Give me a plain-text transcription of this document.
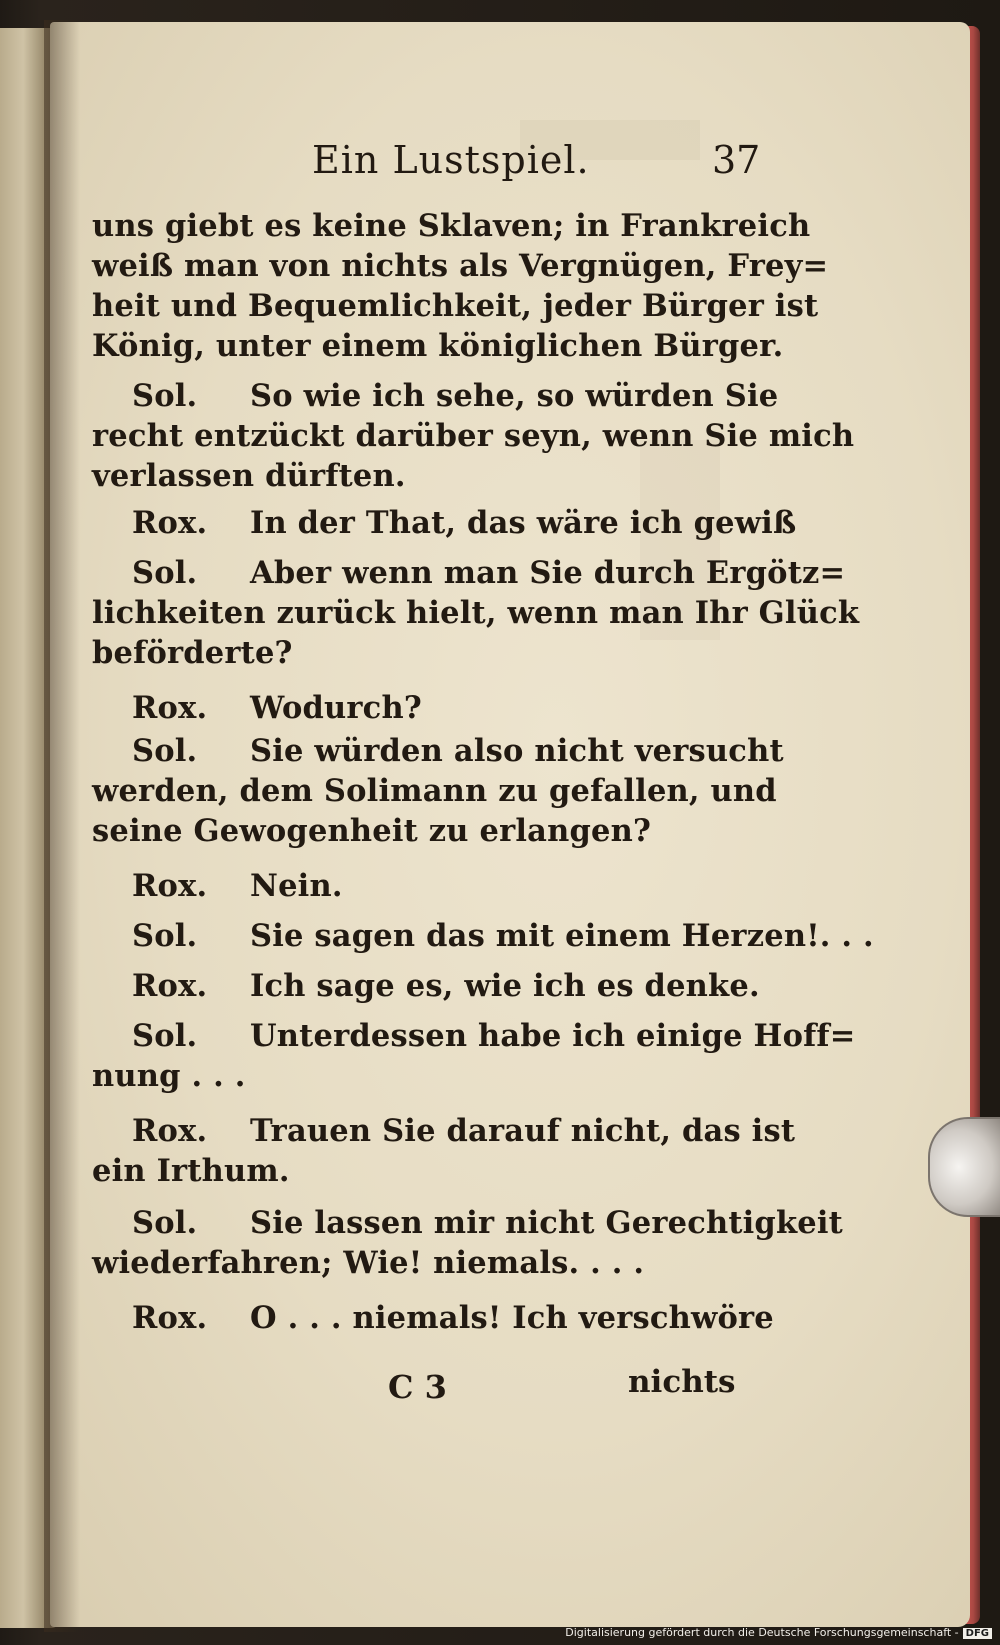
Ein Lustspiel.	37
uns giebt es keine Sklaven; in Frankreich
weiß man von nichts als Vergnügen, Frey=
heit und Bequemlichkeit, jeder Bürger ist
König, unter einem königlichen Bürger.
Sol. So wie ich sehe, so würden Sie
recht entzückt darüber seyn, wenn Sie mich
verlassen dürften.
Rox. In der That, das wäre ich gewiß
Sol. Aber wenn man Sie durch Ergötz=
lichkeiten zurück hielt, wenn man Ihr Glück
beförderte?
Rox. Wodurch?
Sol. Sie würden also nicht versucht
werden, dem Solimann zu gefallen, und
seine Gewogenheit zu erlangen?
Rox. Nein.
Sol. Sie sagen das mit einem Herzen!. . .
Rox. Ich sage es, wie ich es denke.
Sol. Unterdessen habe ich einige Hoff=
nung . . .
Rox. Trauen Sie darauf nicht, das ist
ein Irthum.
Sol. Sie lassen mir nicht Gerechtigkeit
wiederfahren; Wie! niemals. . . .
Rox. O . . . niemals! Ich verschwöre
C 3	nichts
Digitalisierung gefördert durch die Deutsche Forschungsgemeinschaft - DFG
